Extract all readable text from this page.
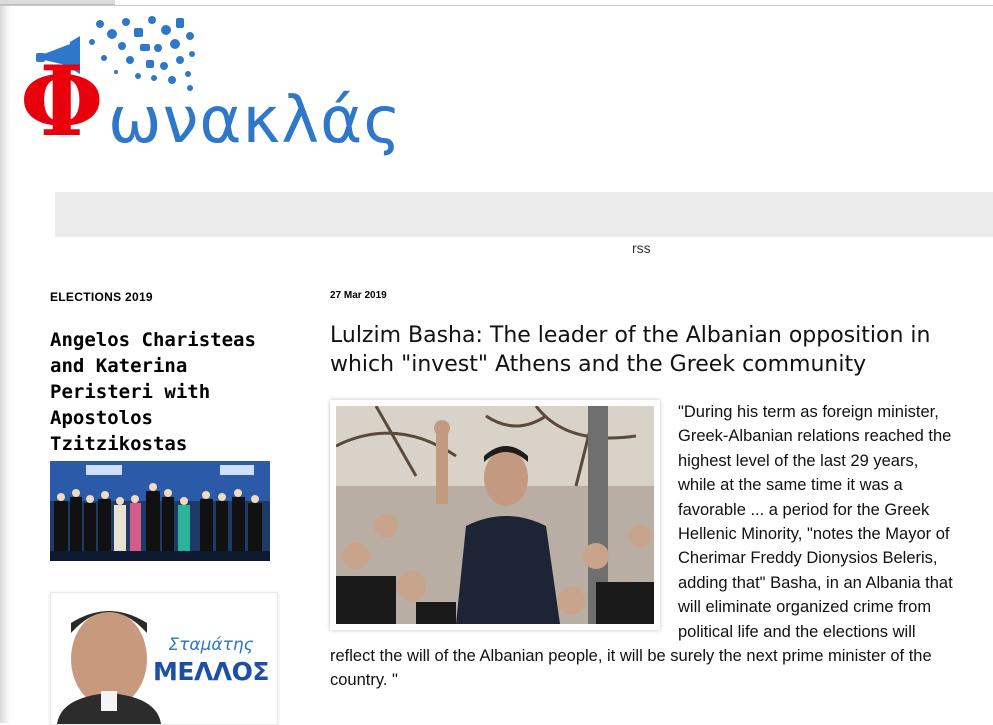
Φ ωνακλάς
rss
ELECTIONS 2019
Angelos Charisteas and Katerina Peristeri with Apostolos Tzitzikostas
Σταμάτης
ΜΕΛΛΟΣ
27 Mar 2019
Lulzim Basha: The leader of the Albanian opposition in which "invest" Athens and the Greek community

"During his term as foreign minister, Greek-Albanian relations reached the highest level of the last 29 years, while at the same time it was a favorable ... a period for the Greek Hellenic Minority, "notes the Mayor of Cherimar Freddy Dionysios Beleris, adding that" Basha, in an Albania that will eliminate organized crime from political life and the elections will reflect the will of the Albanian people, it will be surely the next prime minister of the country. "
